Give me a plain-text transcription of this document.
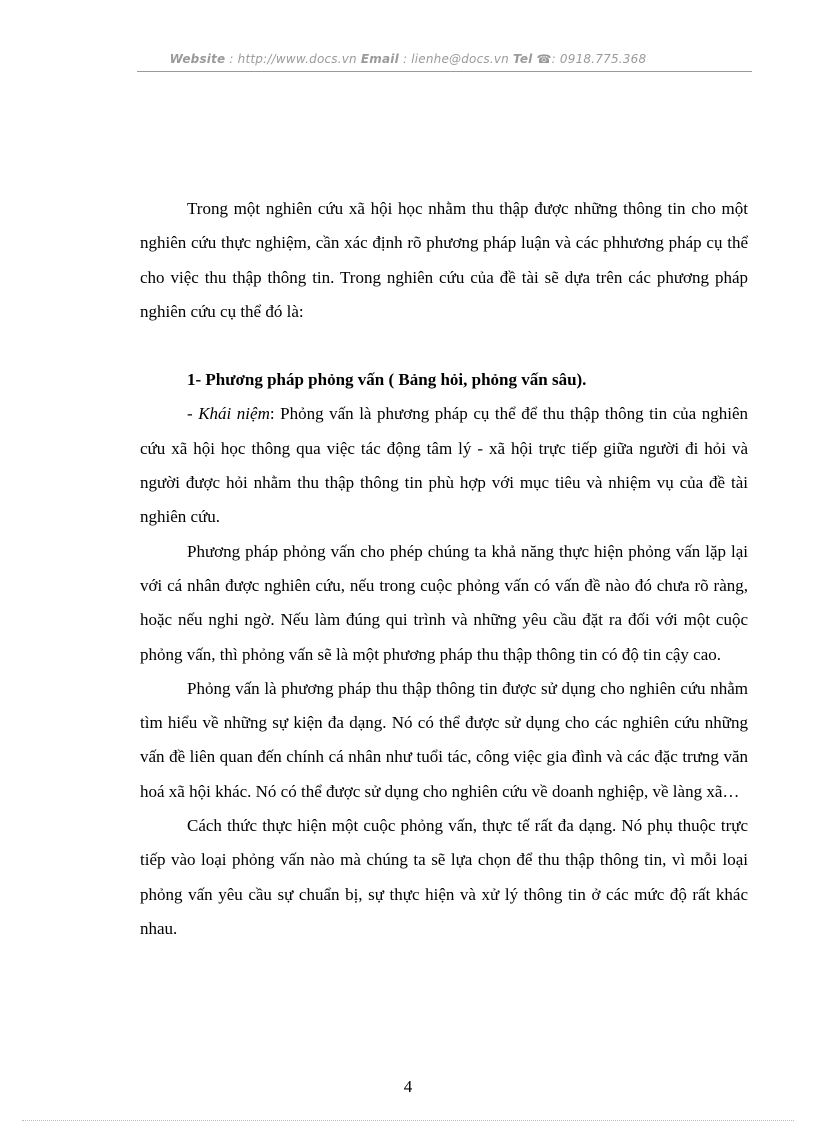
Website : http://www.docs.vn Email : lienhe@docs.vn Tel ☎: 0918.775.368

Trong một nghiên cứu xã hội học nhằm thu thập được những thông tin cho một nghiên cứu thực nghiệm, cần xác định rõ phương pháp luận và các phhương pháp cụ thể cho việc thu thập thông tin. Trong nghiên cứu của đề tài sẽ dựa trên các phương pháp nghiên cứu cụ thể đó là:

1- Phương pháp phỏng vấn ( Bảng hỏi, phỏng vấn sâu).

- Khái niệm: Phỏng vấn là phương pháp cụ thể để thu thập thông tin của nghiên cứu xã hội học thông qua việc tác động tâm lý - xã hội trực tiếp giữa người đi hỏi và người được hỏi nhằm thu thập thông tin phù hợp với mục tiêu và nhiệm vụ của đề tài nghiên cứu.

Phương pháp phỏng vấn cho phép chúng ta khả năng thực hiện phỏng vấn lặp lại với cá nhân được nghiên cứu, nếu trong cuộc phỏng vấn có vấn đề nào đó chưa rõ ràng, hoặc nếu nghi ngờ. Nếu làm đúng qui trình và những yêu cầu đặt ra đối với một cuộc phỏng vấn, thì phỏng vấn sẽ là một phương pháp thu thập thông tin có độ tin cậy cao.

Phỏng vấn là phương pháp thu thập thông tin được sử dụng cho nghiên cứu nhằm tìm hiểu về những sự kiện đa dạng. Nó có thể được sử dụng cho các nghiên cứu những vấn đề liên quan đến chính cá nhân như tuổi tác, công việc gia đình và các đặc trưng văn hoá xã hội khác. Nó có thể được sử dụng cho nghiên cứu về doanh nghiệp, về làng xã…

Cách thức thực hiện một cuộc phỏng vấn, thực tế rất đa dạng. Nó phụ thuộc trực tiếp vào loại phỏng vấn nào mà chúng ta sẽ lựa chọn để thu thập thông tin, vì mỗi loại phỏng vấn yêu cầu sự chuẩn bị, sự thực hiện và xử lý thông tin ở các mức độ rất khác nhau.

4
